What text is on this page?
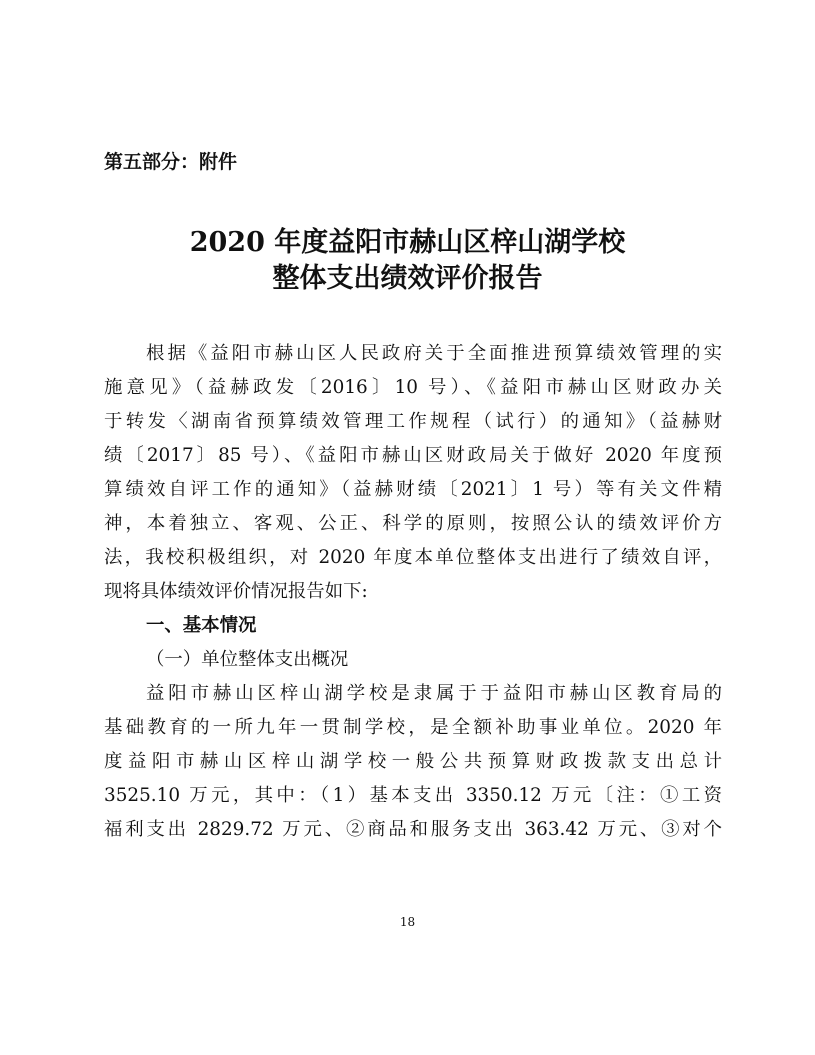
第五部分：附件
2020 年度益阳市赫山区梓山湖学校
整体支出绩效评价报告
根据《益阳市赫山区人民政府关于全面推进预算绩效管理的实
施意见》（益赫政发〔2016〕10 号）、《益阳市赫山区财政办关
于转发〈湖南省预算绩效管理工作规程（试行）的通知》（益赫财
绩〔2017〕85 号）、《益阳市赫山区财政局关于做好 2020 年度预
算绩效自评工作的通知》（益赫财绩〔2021〕1 号）等有关文件精
神，本着独立、客观、公正、科学的原则，按照公认的绩效评价方
法，我校积极组织，对 2020 年度本单位整体支出进行了绩效自评，
现将具体绩效评价情况报告如下:
一、基本情况
（一）单位整体支出概况
益阳市赫山区梓山湖学校是隶属于于益阳市赫山区教育局的
基础教育的一所九年一贯制学校，是全额补助事业单位。2020 年
度益阳市赫山区梓山湖学校一般公共预算财政拨款支出总计
3525.10 万元，其中：（1）基本支出 3350.12 万元〔注：①工资
福利支出 2829.72 万元、②商品和服务支出 363.42 万元、③对个
18
